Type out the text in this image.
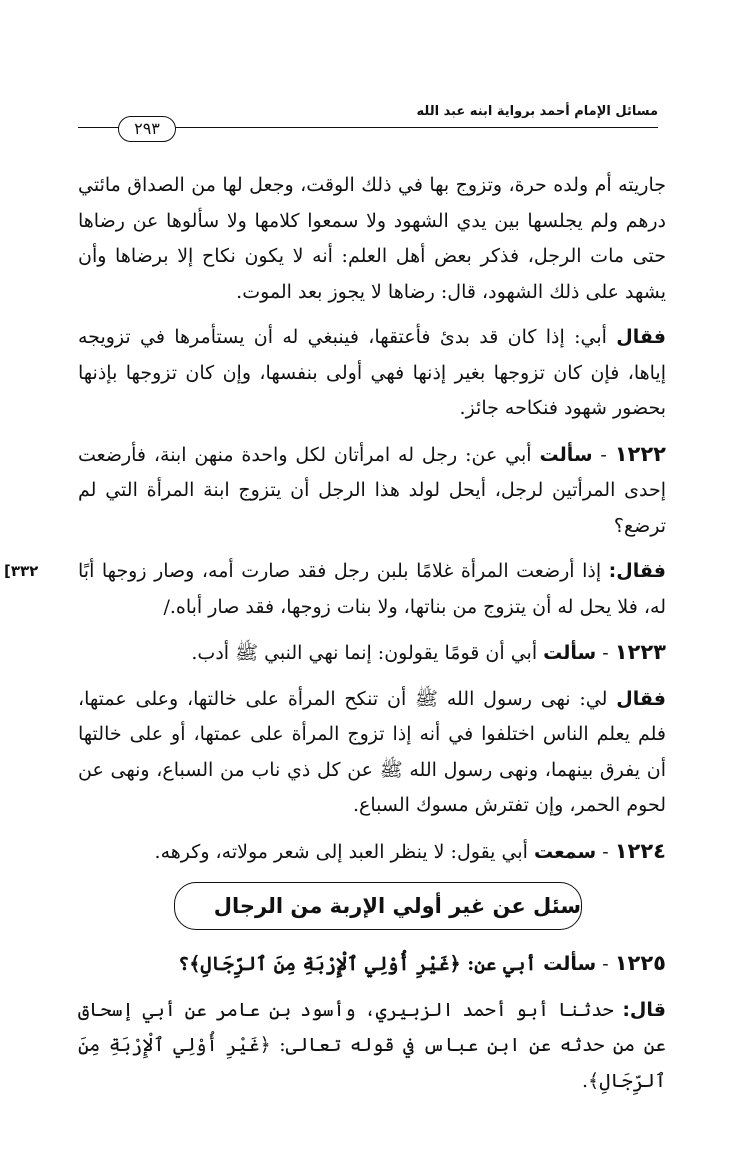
مسائل الإمام أحمد برواية ابنه عبد الله
٢٩٣
[٣٣٢

جاريته أم ولده حرة، وتزوج بها في ذلك الوقت، وجعل لها من الصداق مائتي درهم ولم يجلسها بين يدي الشهود ولا سمعوا كلامها ولا سألوها عن رضاها حتى مات الرجل، فذكر بعض أهل العلم: أنه لا يكون نكاح إلا برضاها وأن يشهد على ذلك الشهود، قال: رضاها لا يجوز بعد الموت.

فقال أبي: إذا كان قد بدئ فأعتقها، فينبغي له أن يستأمرها في تزويجه إياها، فإن كان تزوجها بغير إذنها فهي أولى بنفسها، وإن كان تزوجها بإذنها بحضور شهود فنكاحه جائز.

١٢٢٢ - سألت أبي عن: رجل له امرأتان لكل واحدة منهن ابنة، فأرضعت إحدى المرأتين لرجل، أيحل لولد هذا الرجل أن يتزوج ابنة المرأة التي لم ترضع؟

فقال: إذا أرضعت المرأة غلامًا بلبن رجل فقد صارت أمه، وصار زوجها أبًا له، فلا يحل له أن يتزوج من بناتها، ولا بنات زوجها، فقد صار أباه./

١٢٢٣ - سألت أبي أن قومًا يقولون: إنما نهي النبي ﷺ أدب.

فقال لي: نهى رسول الله ﷺ أن تنكح المرأة على خالتها، وعلى عمتها، فلم يعلم الناس اختلفوا في أنه إذا تزوج المرأة على عمتها، أو على خالتها أن يفرق بينهما، ونهى رسول الله ﷺ عن كل ذي ناب من السباع، ونهى عن لحوم الحمر، وإن تفترش مسوك السباع.

١٢٢٤ - سمعت أبي يقول: لا ينظر العبد إلى شعر مولاته، وكرهه.

سئل عن غير أولي الإربة من الرجال

١٢٢٥ - سألت أبي عن: ﴿غَيْرِ أُوْلِي ٱلْإِرْبَةِ مِنَ ٱلرِّجَالِ﴾؟

قال: حدثنا أبو أحمد الزبيري، وأسود بن عامر عن أبي إسحاق عن من حدثه عن ابن عباس في قوله تعالى: ﴿غَيْرِ أُوْلِي ٱلْإِرْبَةِ مِنَ ٱلرِّجَالِ﴾.
